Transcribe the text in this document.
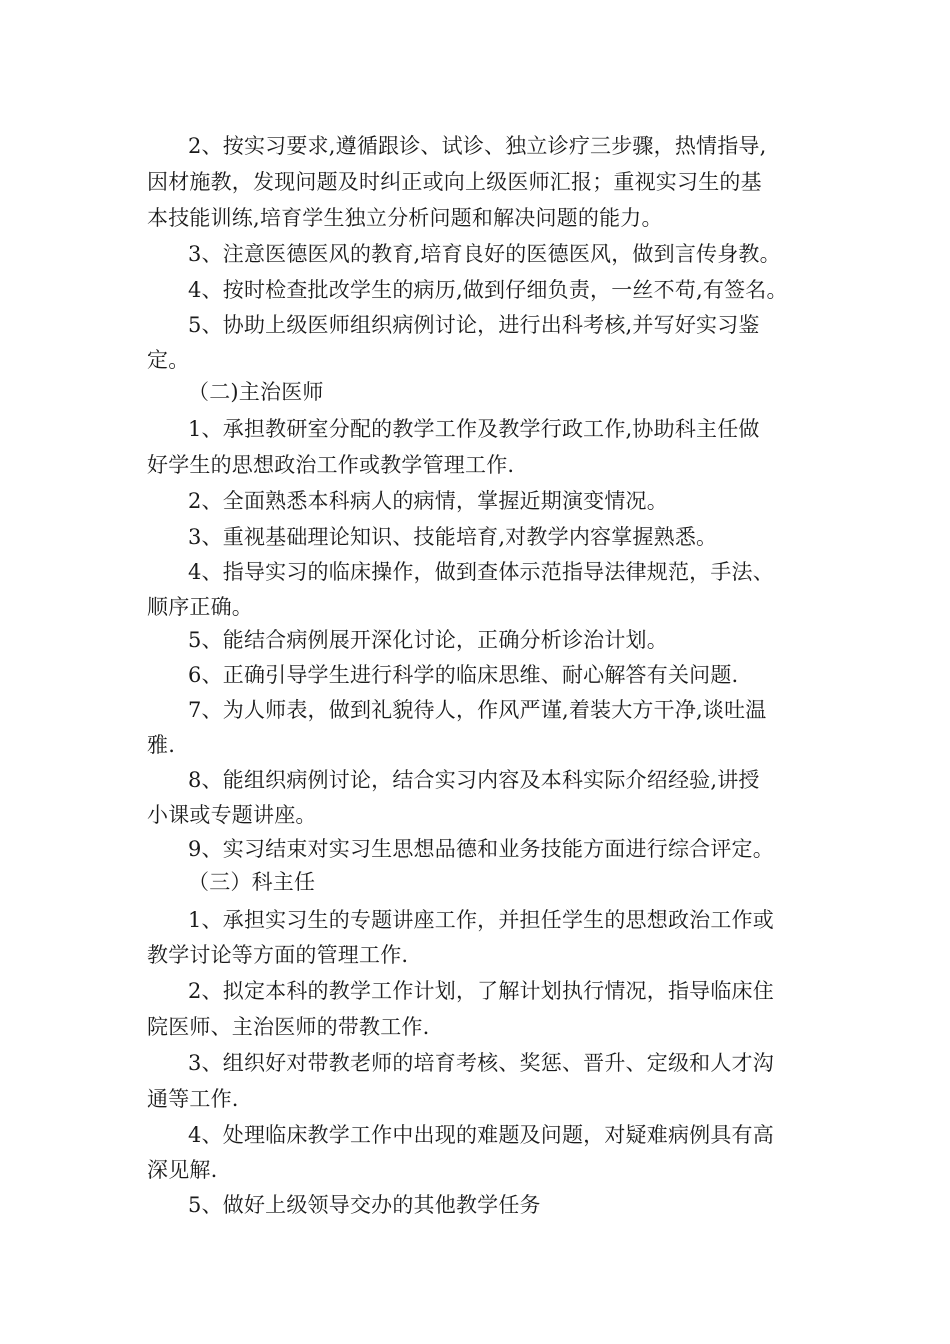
2、按实习要求,遵循跟诊、试诊、独立诊疗三步骤，热情指导,
因材施教，发现问题及时纠正或向上级医师汇报；重视实习生的基
本技能训练,培育学生独立分析问题和解决问题的能力。
3、注意医德医风的教育,培育良好的医德医风，做到言传身教。
4、按时检查批改学生的病历,做到仔细负责，一丝不苟,有签名。
5、协助上级医师组织病例讨论，进行出科考核,并写好实习鉴
定。
（二)主治医师
1、承担教研室分配的教学工作及教学行政工作,协助科主任做
好学生的思想政治工作或教学管理工作.
2、全面熟悉本科病人的病情，掌握近期演变情况。
3、重视基础理论知识、技能培育,对教学内容掌握熟悉。
4、指导实习的临床操作，做到查体示范指导法律规范，手法、
顺序正确。
5、能结合病例展开深化讨论，正确分析诊治计划。
6、正确引导学生进行科学的临床思维、耐心解答有关问题.
7、为人师表，做到礼貌待人，作风严谨,着装大方干净,谈吐温
雅.
8、能组织病例讨论，结合实习内容及本科实际介绍经验,讲授
小课或专题讲座。
9、实习结束对实习生思想品德和业务技能方面进行综合评定。
（三）科主任
1、承担实习生的专题讲座工作，并担任学生的思想政治工作或
教学讨论等方面的管理工作.
2、拟定本科的教学工作计划，了解计划执行情况，指导临床住
院医师、主治医师的带教工作.
3、组织好对带教老师的培育考核、奖惩、晋升、定级和人才沟
通等工作.
4、处理临床教学工作中出现的难题及问题，对疑难病例具有高
深见解.
5、做好上级领导交办的其他教学任务
